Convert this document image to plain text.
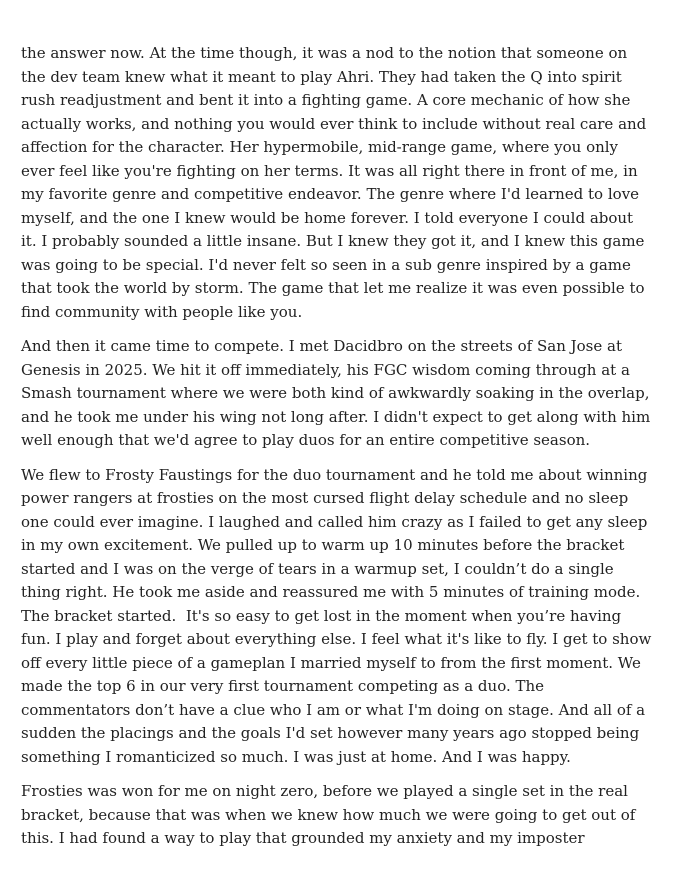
the answer now. At the time though, it was a nod to the notion that someone on the dev team knew what it meant to play Ahri. They had taken the Q into spirit rush readjustment and bent it into a fighting game. A core mechanic of how she actually works, and nothing you would ever think to include without real care and affection for the character. Her hypermobile, mid-range game, where you only ever feel like you're fighting on her terms. It was all right there in front of me, in my favorite genre and competitive endeavor. The genre where I'd learned to love myself, and the one I knew would be home forever. I told everyone I could about it. I probably sounded a little insane. But I knew they got it, and I knew this game was going to be special. I'd never felt so seen in a sub genre inspired by a game that took the world by storm. The game that let me realize it was even possible to find community with people like you.

And then it came time to compete. I met Dacidbro on the streets of San Jose at Genesis in 2025. We hit it off immediately, his FGC wisdom coming through at a Smash tournament where we were both kind of awkwardly soaking in the overlap, and he took me under his wing not long after. I didn't expect to get along with him well enough that we'd agree to play duos for an entire competitive season.

We flew to Frosty Faustings for the duo tournament and he told me about winning power rangers at frosties on the most cursed flight delay schedule and no sleep one could ever imagine. I laughed and called him crazy as I failed to get any sleep in my own excitement. We pulled up to warm up 10 minutes before the bracket started and I was on the verge of tears in a warmup set, I couldn’t do a single thing right. He took me aside and reassured me with 5 minutes of training mode. The bracket started.  It's so easy to get lost in the moment when you’re having fun. I play and forget about everything else. I feel what it's like to fly. I get to show off every little piece of a gameplan I married myself to from the first moment. We made the top 6 in our very first tournament competing as a duo. The commentators don’t have a clue who I am or what I'm doing on stage. And all of a sudden the placings and the goals I'd set however many years ago stopped being something I romanticized so much. I was just at home. And I was happy.

Frosties was won for me on night zero, before we played a single set in the real bracket, because that was when we knew how much we were going to get out of this. I had found a way to play that grounded my anxiety and my imposter
